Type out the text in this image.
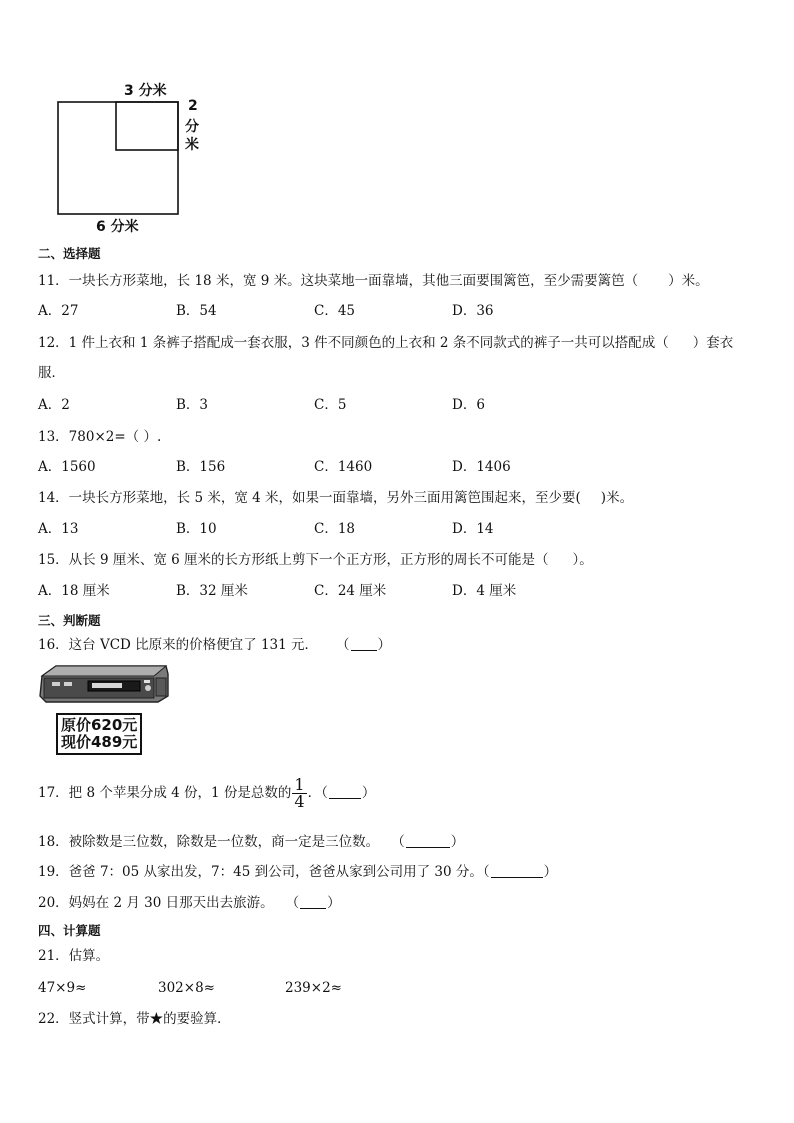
3 分米
2
分
米
6 分米
二、选择题
11．一块长方形菜地，长 18 米，宽 9 米。这块菜地一面靠墙，其他三面要围篱笆，至少需要篱笆（ ）米。
A．27	B．54	C．45	D．36
12．1 件上衣和 1 条裤子搭配成一套衣服，3 件不同颜色的上衣和 2 条不同款式的裤子一共可以搭配成（ ）套衣
服．
A．2	B．3	C．5	D．6
13．780×2=（ ）.
A．1560	B．156	C．1460	D．1406
14．一块长方形菜地，长 5 米，宽 4 米，如果一面靠墙，另外三面用篱笆围起来，至少要( )米。
A．13	B．10	C．18	D．14
15．从长 9 厘米、宽 6 厘米的长方形纸上剪下一个正方形，正方形的周长不可能是（ ）。
A．18 厘米	B．32 厘米	C．24 厘米	D．4 厘米
三、判断题
16．这台 VCD 比原来的价格便宜了 131 元． （ ）
原价620元
现价489元
17．把 8 个苹果分成 4 份，1 份是总数的 $\frac{1}{4}$ ．（	）
18．被除数是三位数，除数是一位数，商一定是三位数。 （	）
19．爸爸 7：05 从家出发，7：45 到公司，爸爸从家到公司用了 30 分。（	）
20．妈妈在 2 月 30 日那天出去旅游。 （ ）
四、计算题
21．估算。
47×9≈	302×8≈	239×2≈
22．竖式计算，带★的要验算．
